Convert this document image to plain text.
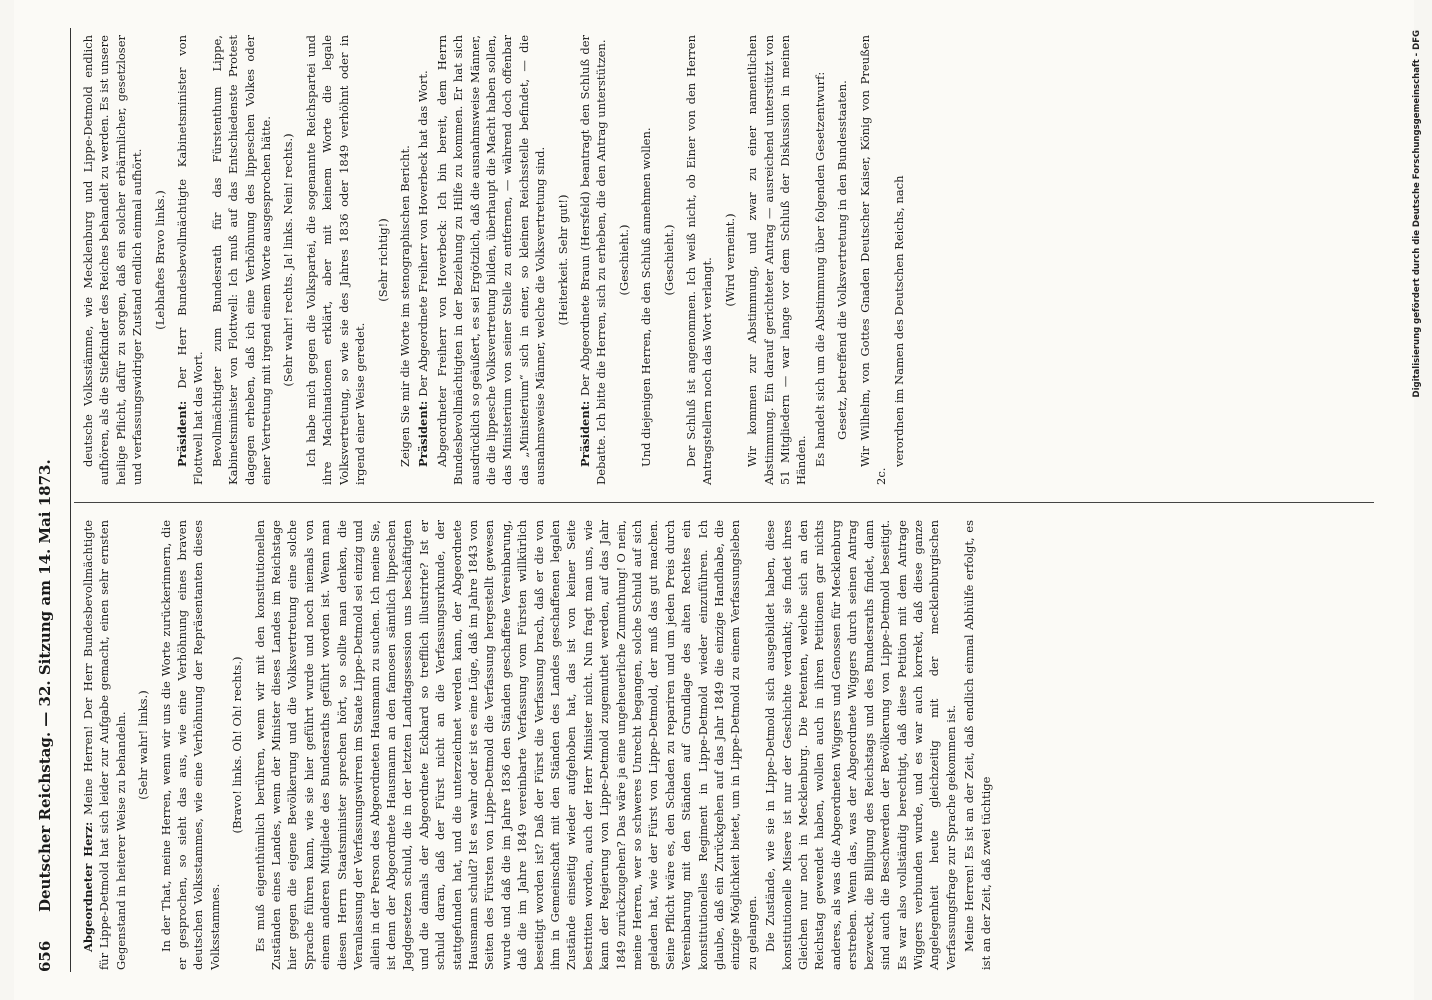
656
Deutscher Reichstag. — 32. Sitzung am 14. Mai 1873. Abgeordneter Herz: Meine Herren! Der Herr Bundesbevollmächtigte für Lippe-Detmold hat sich leider zur Aufgabe gemacht, einen sehr ernsten Gegenstand in heiterer Weise zu behandeln. (Sehr wahr! links.) In der That, meine Herren, wenn wir uns die Worte zurückerinnern, die er gesprochen, so sieht das aus, wie eine Verhöhnung eines braven deutschen Volksstammes, wie eine Verhöhnung der Repräsentanten dieses Volksstammes.

(Bravo! links. Oh! Oh! rechts.) Es muß eigenthümlich berühren, wenn wir mit den konstitutionellen Zuständen eines Landes, wenn der Minister dieses Landes im Reichstage hier gegen die eigene Bevölkerung und die Volksvertretung eine solche Sprache führen kann, wie sie hier geführt wurde und noch niemals von einem anderen Mitgliede des Bundesraths geführt worden ist. Wenn man diesen Herrn Staatsminister sprechen hört, so sollte man denken, die Veranlassung der Verfassungswirren im Staate Lippe-Detmold sei einzig und allein in der Person des Abgeordneten Hausmann zu suchen. Ich meine Sie, ist denn der Abgeordnete Hausmann an den famosen sämtlich lippeschen Jagdgesetzen schuld, die in der letzten Landtagssession uns beschäftigten und die damals der Abgeordnete Eckhard so trefflich illustrirte? Ist er schuld daran, daß der Fürst nicht an die Verfassungsurkunde, der stattgefunden hat, und die unterzeichnet werden kann, der Abgeordnete Hausmann schuld? Ist es wahr oder ist es eine Lüge, daß im Jahre 1843 von Seiten des Fürsten von Lippe-Detmold die Verfassung hergestellt gewesen wurde und daß die im Jahre 1836 den Ständen geschaffene Vereinbarung, daß die im Jahre 1849 vereinbarte Verfassung vom Fürsten willkürlich beseitigt worden ist? Daß der Fürst die Verfassung brach, daß er die von ihm in Gemeinschaft mit den Ständen des Landes geschaffenen legalen Zustände einseitig wieder aufgehoben hat, das ist von keiner Seite bestritten worden, auch der Herr Minister nicht. Nun fragt man uns, wie kann der Regierung von Lippe-Detmold zugemuthet werden, auf das Jahr 1849 zurückzugehen? Das wäre ja eine ungeheuerliche Zumuthung! O nein, meine Herren, wer so schweres Unrecht begangen, solche Schuld auf sich geladen hat, wie der Fürst von Lippe-Detmold, der muß das gut machen. Seine Pflicht wäre es, den Schaden zu repariren und um jeden Preis durch Vereinbarung mit den Ständen auf Grundlage des alten Rechtes ein konstitutionelles Regiment in Lippe-Detmold wieder einzuführen. Ich glaube, daß ein Zurückgehen auf das Jahr 1849 die einzige Handhabe, die einzige Möglichkeit bietet, um in Lippe-Detmold zu einem Verfassungsleben zu gelangen. Die Zustände, wie sie in Lippe-Detmold sich ausgebildet haben, diese konstitutionelle Misere ist nur der Geschichte verdankt; sie findet ihres Gleichen nur noch in Mecklenburg. Die Petenten, welche sich an den Reichstag gewendet haben, wollen auch in ihren Petitionen gar nichts anderes, als was die Abgeordneten Wiggers und Genossen für Mecklenburg erstreben. Wenn das, was der Abgeordnete Wiggers durch seinen Antrag bezweckt, die Billigung des Reichstags und des Bundesraths findet, dann sind auch die Beschwerden der Bevölkerung von Lippe-Detmold beseitigt. Es war also vollständig berechtigt, daß diese Petition mit dem Antrage Wiggers verbunden wurde, und es war auch korrekt, daß diese ganze Angelegenheit heute gleichzeitig mit der mecklenburgischen Verfassungsfrage zur Sprache gekommen ist. Meine Herren! Es ist an der Zeit, daß endlich einmal Abhülfe erfolgt, es ist an der Zeit, daß zwei tüchtige

deutsche Volksstämme, wie Mecklenburg und Lippe-Detmold endlich aufhören, als die Stiefkinder des Reiches behandelt zu werden. Es ist unsere heilige Pflicht, dafür zu sorgen, daß ein solcher erbärmlicher, gesetzloser und verfassungswidriger Zustand endlich einmal aufhört. (Lebhaftes Bravo links.)

Präsident: Der Herr Bundesbevollmächtigte Kabinetsminister von Flottwell hat das Wort. Bevollmächtigter zum Bundesrath für das Fürstenthum Lippe, Kabinetsminister von Flottwell: Ich muß auf das Entschiedenste Protest dagegen erheben, daß ich eine Verhöhnung des lippeschen Volkes oder einer Vertretung mit irgend einem Worte ausgesprochen hätte. (Sehr wahr! rechts. Ja! links. Nein! rechts.) Ich habe mich gegen die Volkspartei, die sogenannte Reichspartei und ihre Machinationen erklärt, aber mit keinem Worte die legale Volksvertretung, so wie sie des Jahres 1836 oder 1849 verhöhnt oder in irgend einer Weise geredet.

(Sehr richtig!) Zeigen Sie mir die Worte im stenographischen Bericht. Präsident: Der Abgeordnete Freiherr von Hoverbeck hat das Wort. Abgeordneter Freiherr von Hoverbeck: Ich bin bereit, dem Herrn Bundesbevollmächtigten in der Beziehung zu Hilfe zu kommen. Er hat sich ausdrücklich so geäußert, es sei Ergötzlich, daß die ausnahmsweise Männer, die die lippesche Volksvertretung bilden, überhaupt die Macht haben sollen, das Ministerium von seiner Stelle zu entfernen, — während doch offenbar das „Ministerium“ sich in einer, so kleinen Reichsstelle befindet, — die ausnahmsweise Männer, welche die Volksvertretung sind. (Heiterkeit. Sehr gut!)

Präsident: Der Abgeordnete Braun (Hersfeld) beantragt den Schluß der Debatte. Ich bitte die Herren, sich zu erheben, die den Antrag unterstützen. (Geschieht.) Und diejenigen Herren, die den Schluß annehmen wollen. (Geschieht.) Der Schluß ist angenommen. Ich weiß nicht, ob Einer von den Herren Antragstellern noch das Wort verlangt. (Wird verneint.) Wir kommen zur Abstimmung, und zwar zu einer namentlichen Abstimmung. Ein darauf gerichteter Antrag — ausreichend unterstützt von 51 Mitgliedern — war lange vor dem Schluß der Diskussion in meinen Händen. Es handelt sich um die Abstimmung über folgenden Gesetzentwurf: Gesetz, betreffend die Volksvertretung in den Bundesstaaten. Wir Wilhelm, von Gottes Gnaden Deutscher Kaiser, König von Preußen 2c.

verordnen im Namen des Deutschen Reichs, nach	Digitalisierung gefördert durch die Deutsche Forschungsgemeinschaft - DFG
